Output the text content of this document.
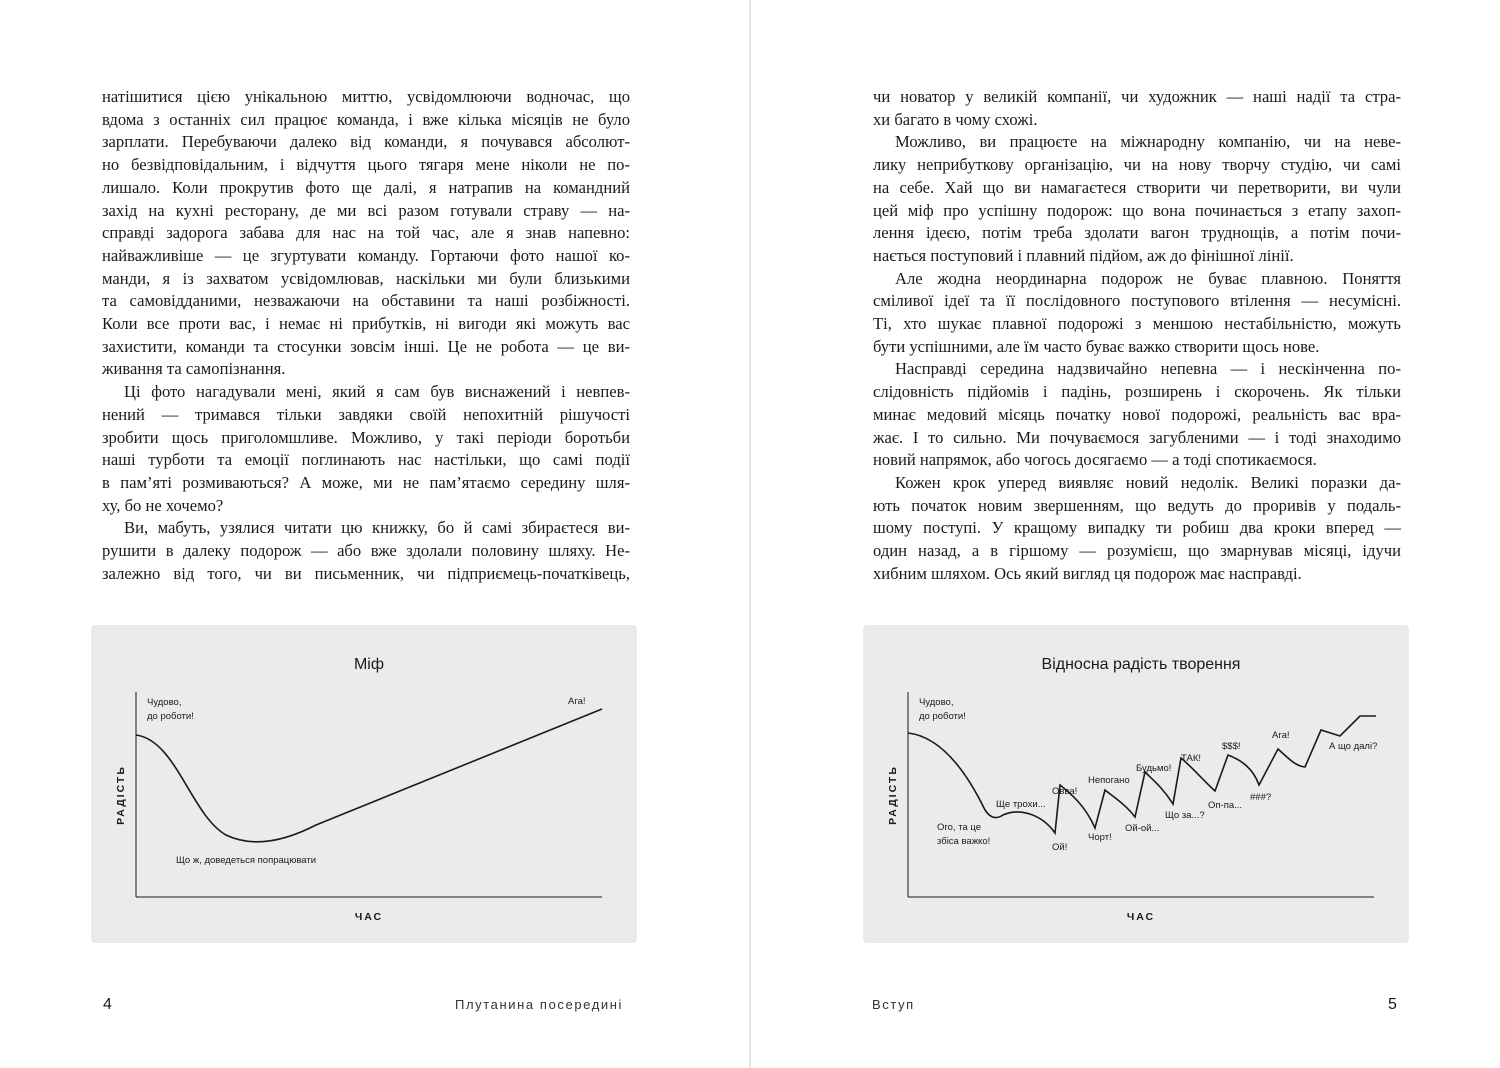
натішитися цією унікальною миттю, усвідомлюючи водночас, що
вдома з останніх сил працює команда, і вже кілька місяців не було
зарплати. Перебуваючи далеко від команди, я почувався абсолют-
но безвідповідальним, і відчуття цього тягаря мене ніколи не по-
лишало. Коли прокрутив фото ще далі, я натрапив на командний
захід на кухні ресторану, де ми всі разом готували страву — на-
справді задорога забава для нас на той час, але я знав напевно:
найважливіше — це згуртувати команду. Гортаючи фото нашої ко-
манди, я із захватом усвідомлював, наскільки ми були близькими
та самовідданими, незважаючи на обставини та наші розбіжності.
Коли все проти вас, і немає ні прибутків, ні вигоди які можуть вас
захистити, команди та стосунки зовсім інші. Це не робота — це ви-
живання та самопізнання.
Ці фото нагадували мені, який я сам був виснажений і невпев-
нений — тримався тільки завдяки своїй непохитній рішучості
зробити щось приголомшливе. Можливо, у такі періоди боротьби
наші турботи та емоції поглинають нас настільки, що самі події
в пам’яті розмиваються? А може, ми не пам’ятаємо середину шля-
ху, бо не хочемо?
Ви, мабуть, узялися читати цю книжку, бо й самі збираєтеся ви-
рушити в далеку подорож — або вже здолали половину шляху. Не-
залежно від того, чи ви письменник, чи підприємець-початківець,
Міф
РАДІСТЬ
ЧАС
Чудово,
до роботи!
Ага!
Що ж, доведеться попрацювати
4	Плутанина посередині
чи новатор у великій компанії, чи художник — наші надії та стра-
хи багато в чому схожі.
Можливо, ви працюєте на міжнародну компанію, чи на неве-
лику неприбуткову організацію, чи на нову творчу студію, чи самі
на себе. Хай що ви намагаєтеся створити чи перетворити, ви чули
цей міф про успішну подорож: що вона починається з етапу захоп-
лення ідеєю, потім треба здолати вагон труднощів, а потім почи-
нається поступовий і плавний підйом, аж до фінішної лінії.
Але жодна неординарна подорож не буває плавною. Поняття
сміливої ідеї та її послідовного поступового втілення — несумісні.
Ті, хто шукає плавної подорожі з меншою нестабільністю, можуть
бути успішними, але їм часто буває важко створити щось нове.
Насправді середина надзвичайно непевна — і нескінченна по-
слідовність підйомів і падінь, розширень і скорочень. Як тільки
минає медовий місяць початку нової подорожі, реальність вас вра-
жає. І то сильно. Ми почуваємося загубленими — і тоді знаходимо
новий напрямок, або чогось досягаємо — а тоді спотикаємося.
Кожен крок уперед виявляє новий недолік. Великі поразки да-
ють початок новим звершенням, що ведуть до проривів у подаль-
шому поступі. У кращому випадку ти робиш два кроки вперед —
один назад, а в гіршому — розумієш, що змарнував місяці, ідучи
хибним шляхом. Ось який вигляд ця подорож має насправді.
Відносна радість творення
РАДІСТЬ
ЧАС
Чудово,
до роботи!
Ого, та це
збіса важко!
Ще трохи...
Овва!
Ой!
Непогано
Чорт!
Будьмо!
Ой-ой...
ТАК!
Що за...?
$$$!
Оп-па...
###?
Ага!
А що далі?
Вступ	5
